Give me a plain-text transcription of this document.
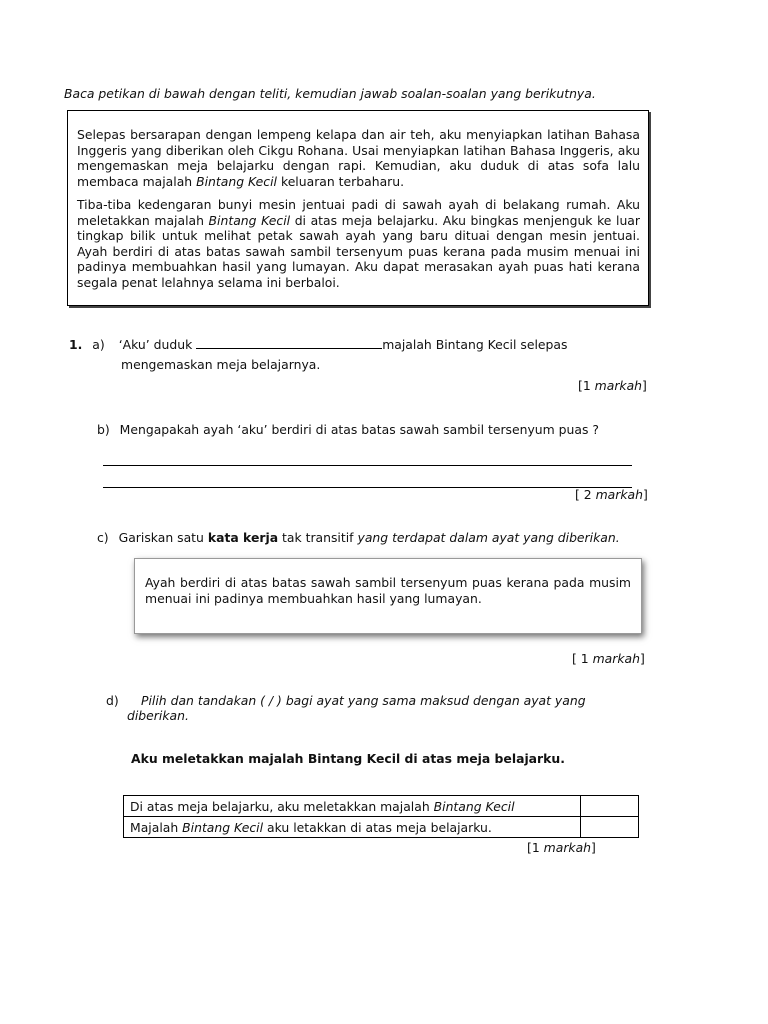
Baca petikan di bawah dengan teliti, kemudian jawab soalan-soalan yang berikutnya.

Selepas bersarapan dengan lempeng kelapa dan air teh, aku menyiapkan latihan Bahasa Inggeris yang diberikan oleh Cikgu Rohana. Usai menyiapkan latihan Bahasa Inggeris, aku mengemaskan meja belajarku dengan rapi. Kemudian, aku duduk di atas sofa lalu membaca majalah Bintang Kecil keluaran terbaharu.

Tiba-tiba kedengaran bunyi mesin jentuai padi di sawah ayah di belakang rumah. Aku meletakkan majalah Bintang Kecil di atas meja belajarku. Aku bingkas menjenguk ke luar tingkap bilik untuk melihat petak sawah ayah yang baru dituai dengan mesin jentuai. Ayah berdiri di atas batas sawah sambil tersenyum puas kerana pada musim menuai ini padinya membuahkan hasil yang lumayan. Aku dapat merasakan ayah puas hati kerana segala penat lelahnya selama ini berbaloi.

1. a) ‘Aku’ duduk	majalah Bintang Kecil selepas
mengemaskan meja belajarnya.
[1 markah]
b) Mengapakah ayah ‘aku’ berdiri di atas batas sawah sambil tersenyum puas ?
[ 2 markah]
c) Gariskan satu kata kerja tak transitif yang terdapat dalam ayat yang diberikan.

Ayah berdiri di atas batas sawah sambil tersenyum puas kerana pada musim menuai ini padinya membuahkan hasil yang lumayan.

[ 1 markah]
d) Pilih dan tandakan ( / ) bagi ayat yang sama maksud dengan ayat yang
diberikan.
Aku meletakkan majalah Bintang Kecil di atas meja belajarku.
Di atas meja belajarku, aku meletakkan majalah Bintang Kecil	
Majalah Bintang Kecil aku letakkan di atas meja belajarku.	
[1 markah]
